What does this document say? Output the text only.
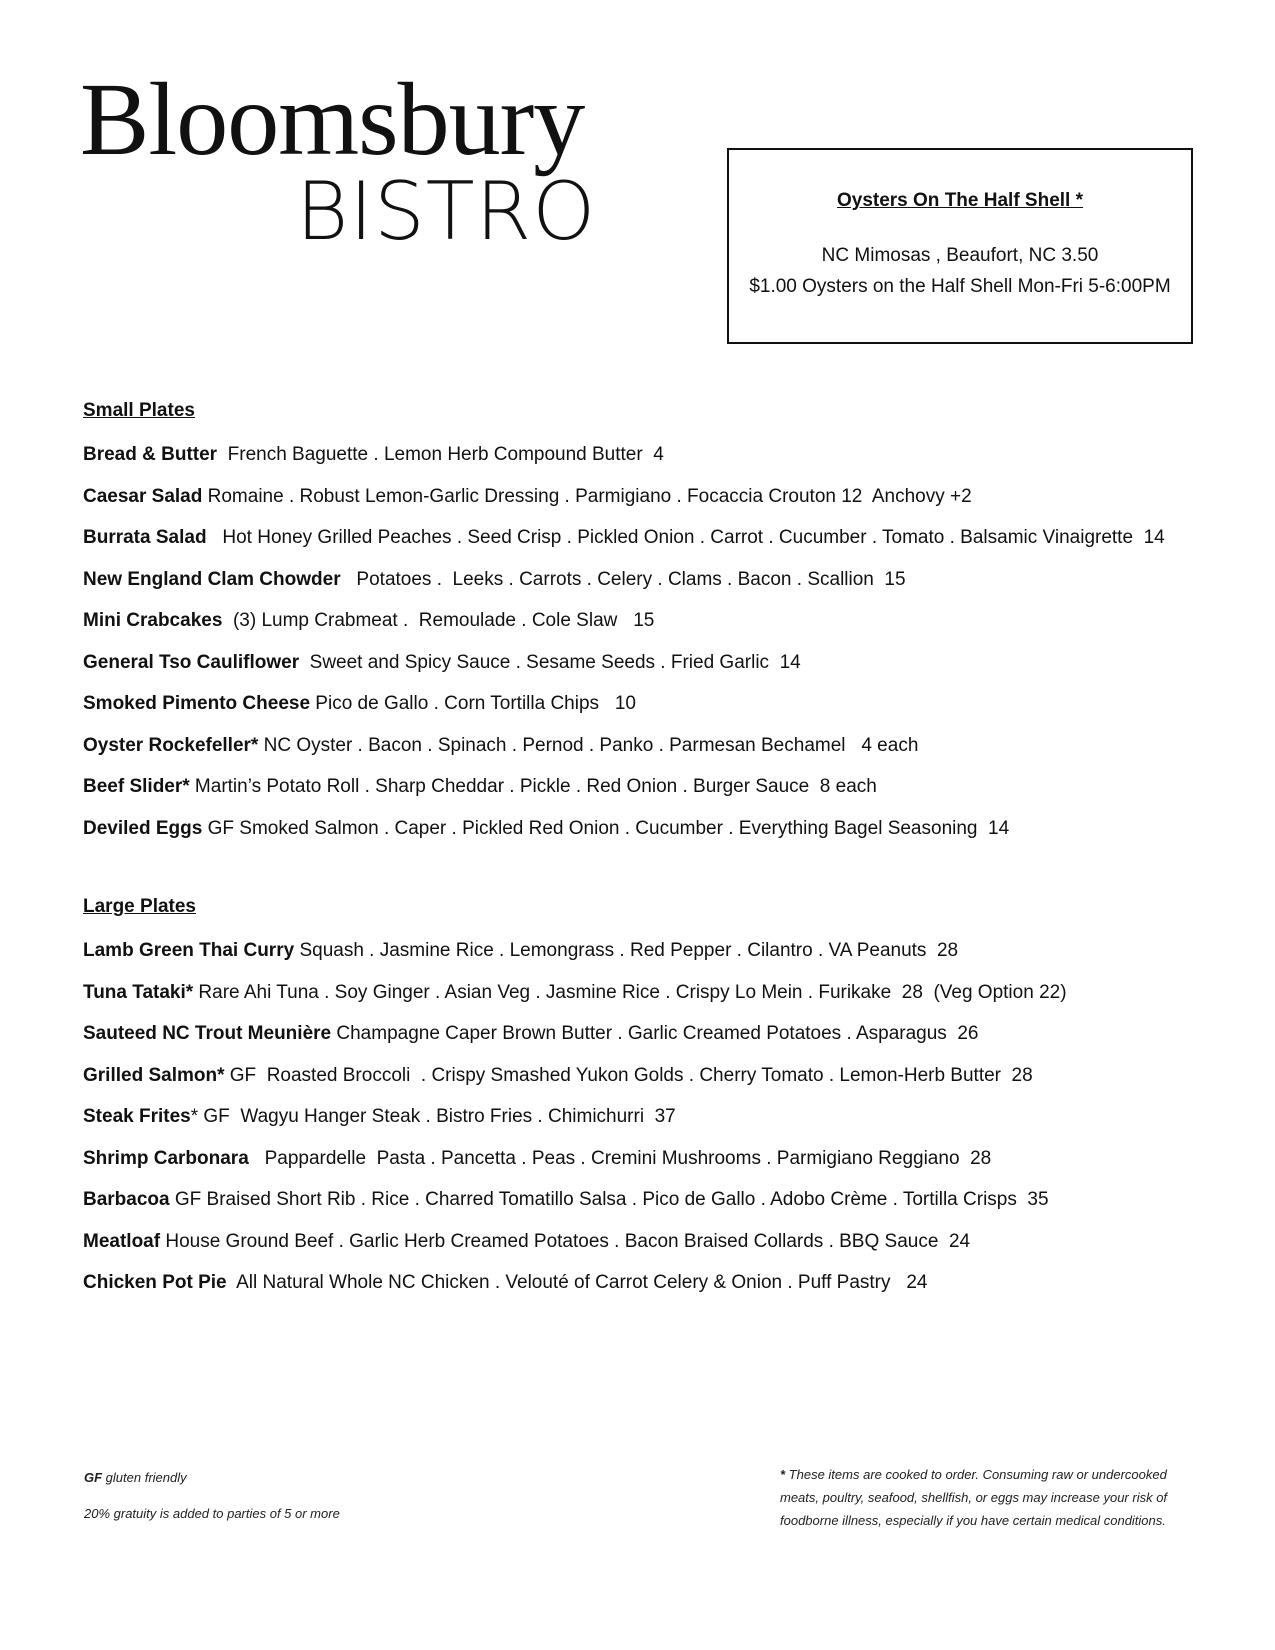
Bloomsbury
BISTRO	Oysters On The Half Shell *
NC Mimosas , Beaufort, NC 3.50
$1.00 Oysters on the Half Shell Mon-Fri 5-6:00PM
Small Plates
Bread & Butter  French Baguette . Lemon Herb Compound Butter  4
Caesar Salad Romaine . Robust Lemon-Garlic Dressing . Parmigiano . Focaccia Crouton 12  Anchovy +2
Burrata Salad   Hot Honey Grilled Peaches . Seed Crisp . Pickled Onion . Carrot . Cucumber . Tomato . Balsamic Vinaigrette  14
New England Clam Chowder   Potatoes .  Leeks . Carrots . Celery . Clams . Bacon . Scallion  15
Mini Crabcakes  (3) Lump Crabmeat .  Remoulade . Cole Slaw   15
General Tso Cauliflower  Sweet and Spicy Sauce . Sesame Seeds . Fried Garlic  14
Smoked Pimento Cheese Pico de Gallo . Corn Tortilla Chips   10
Oyster Rockefeller* NC Oyster . Bacon . Spinach . Pernod . Panko . Parmesan Bechamel   4 each
Beef Slider* Martin’s Potato Roll . Sharp Cheddar . Pickle . Red Onion . Burger Sauce  8 each
Deviled Eggs GF Smoked Salmon . Caper . Pickled Red Onion . Cucumber . Everything Bagel Seasoning  14
Large Plates
Lamb Green Thai Curry Squash . Jasmine Rice . Lemongrass . Red Pepper . Cilantro . VA Peanuts  28
Tuna Tataki* Rare Ahi Tuna . Soy Ginger . Asian Veg . Jasmine Rice . Crispy Lo Mein . Furikake  28  (Veg Option 22)
Sauteed NC Trout Meunière Champagne Caper Brown Butter . Garlic Creamed Potatoes . Asparagus  26
Grilled Salmon* GF  Roasted Broccoli  . Crispy Smashed Yukon Golds . Cherry Tomato . Lemon-Herb Butter  28
Steak Frites* GF  Wagyu Hanger Steak . Bistro Fries . Chimichurri  37
Shrimp Carbonara   Pappardelle  Pasta . Pancetta . Peas . Cremini Mushrooms . Parmigiano Reggiano  28
Barbacoa GF Braised Short Rib . Rice . Charred Tomatillo Salsa . Pico de Gallo . Adobo Crème . Tortilla Crisps  35
Meatloaf House Ground Beef . Garlic Herb Creamed Potatoes . Bacon Braised Collards . BBQ Sauce  24
Chicken Pot Pie  All Natural Whole NC Chicken . Velouté of Carrot Celery & Onion . Puff Pastry   24
GF gluten friendly
20% gratuity is added to parties of 5 or more
* These items are cooked to order. Consuming raw or undercooked meats, poultry, seafood, shellfish, or eggs may increase your risk of foodborne illness, especially if you have certain medical conditions.
